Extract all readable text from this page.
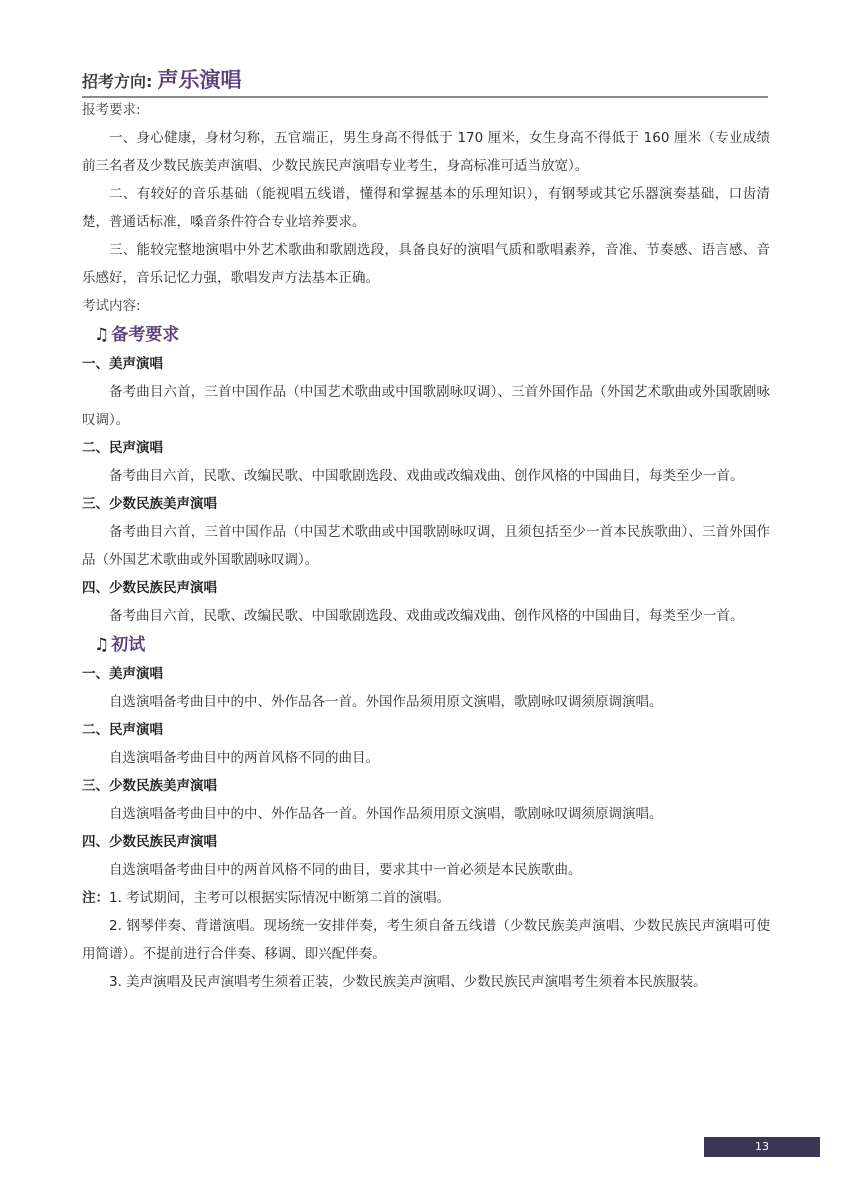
招考方向: 声乐演唱
报考要求:
一、身心健康，身材匀称，五官端正，男生身高不得低于 170 厘米，女生身高不得低于 160 厘米（专业成绩前三名者及少数民族美声演唱、少数民族民声演唱专业考生，身高标准可适当放宽）。
二、有较好的音乐基础（能视唱五线谱，懂得和掌握基本的乐理知识），有钢琴或其它乐器演奏基础，口齿清楚，普通话标准，嗓音条件符合专业培养要求。
三、能较完整地演唱中外艺术歌曲和歌剧选段，具备良好的演唱气质和歌唱素养，音准、节奏感、语言感、音乐感好，音乐记忆力强，歌唱发声方法基本正确。
考试内容:
♫ 备考要求
一、美声演唱
备考曲目六首，三首中国作品（中国艺术歌曲或中国歌剧咏叹调）、三首外国作品（外国艺术歌曲或外国歌剧咏叹调）。
二、民声演唱
备考曲目六首，民歌、改编民歌、中国歌剧选段、戏曲或改编戏曲、创作风格的中国曲目，每类至少一首。
三、少数民族美声演唱
备考曲目六首，三首中国作品（中国艺术歌曲或中国歌剧咏叹调，且须包括至少一首本民族歌曲）、三首外国作品（外国艺术歌曲或外国歌剧咏叹调）。
四、少数民族民声演唱
备考曲目六首，民歌、改编民歌、中国歌剧选段、戏曲或改编戏曲、创作风格的中国曲目，每类至少一首。
♫ 初试
一、美声演唱
自选演唱备考曲目中的中、外作品各一首。外国作品须用原文演唱，歌剧咏叹调须原调演唱。
二、民声演唱
自选演唱备考曲目中的两首风格不同的曲目。
三、少数民族美声演唱
自选演唱备考曲目中的中、外作品各一首。外国作品须用原文演唱，歌剧咏叹调须原调演唱。
四、少数民族民声演唱
自选演唱备考曲目中的两首风格不同的曲目，要求其中一首必须是本民族歌曲。
注：1. 考试期间，主考可以根据实际情况中断第二首的演唱。
2. 钢琴伴奏、背谱演唱。现场统一安排伴奏，考生须自备五线谱（少数民族美声演唱、少数民族民声演唱可使用简谱）。不提前进行合伴奏、移调、即兴配伴奏。
3. 美声演唱及民声演唱考生须着正装，少数民族美声演唱、少数民族民声演唱考生须着本民族服装。
13
